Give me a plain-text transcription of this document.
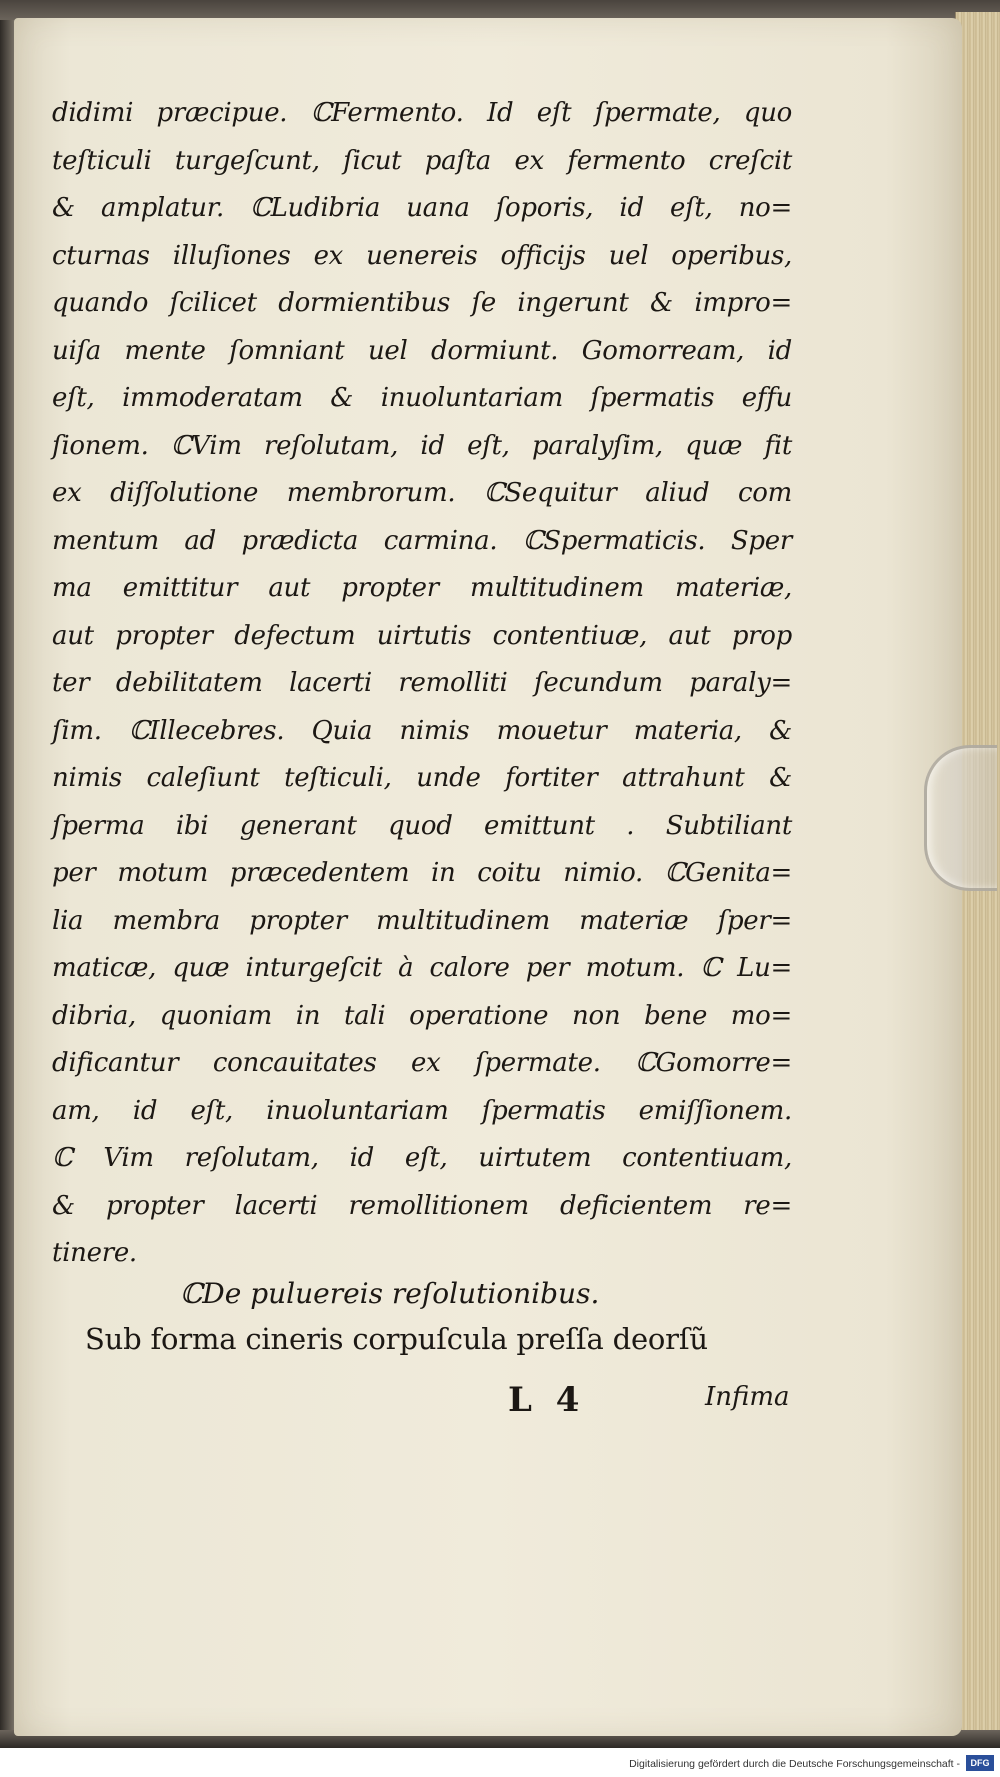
didimi præcipue. ℂFermento. Id eſt ſpermate, quo
teſticuli turgeſcunt, ſicut paſta ex fermento creſcit
& amplatur. ℂLudibria uana ſoporis, id eſt, no=
cturnas illuſiones ex uenereis officijs uel operibus,
quando ſcilicet dormientibus ſe ingerunt & impro=
uiſa mente ſomniant uel dormiunt. Gomorream, id
eſt, immoderatam & inuoluntariam ſpermatis effu
ſionem. ℂVim reſolutam, id eſt, paralyſim, quæ fit
ex diſſolutione membrorum. ℂSequitur aliud com
mentum ad prædicta carmina. ℂSpermaticis. Sper
ma emittitur aut propter multitudinem materiæ,
aut propter defectum uirtutis contentiuæ, aut prop
ter debilitatem lacerti remolliti ſecundum paraly=
ſim. ℂIllecebres. Quia nimis mouetur materia, &
nimis caleſiunt teſticuli, unde fortiter attrahunt &
ſperma ibi generant quod emittunt . Subtiliant
per motum præcedentem in coitu nimio. ℂGenita=
lia membra propter multitudinem materiæ ſper=
maticæ, quæ inturgeſcit à calore per motum. ℂ Lu=
dibria, quoniam in tali operatione non bene mo=
dificantur concauitates ex ſpermate. ℂGomorre=
am, id eſt, inuoluntariam ſpermatis emiſſionem.
ℂ Vim reſolutam, id eſt, uirtutem contentiuam,
& propter lacerti remollitionem deficientem re=
tinere.
ℂDe puluereis reſolutionibus.
Sub forma cineris corpuſcula preſſa deorſũ
L 4	Infima
Digitalisierung gefördert durch die Deutsche Forschungsgemeinschaft -	DFG
